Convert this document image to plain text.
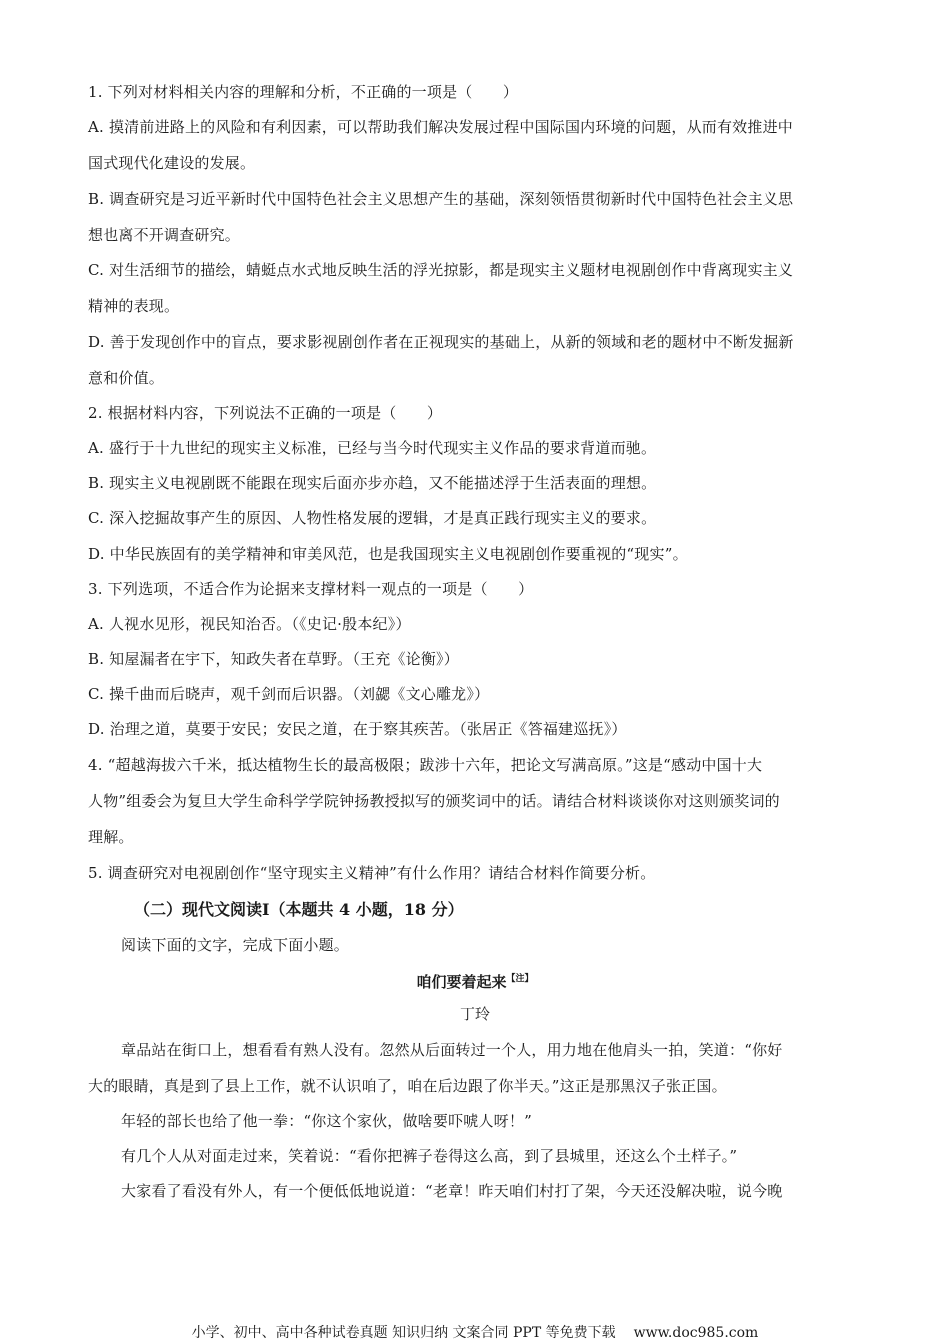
1. 下列对材料相关内容的理解和分析，不正确的一项是（　　）
A. 摸清前进路上的风险和有利因素，可以帮助我们解决发展过程中国际国内环境的问题，从而有效推进中
国式现代化建设的发展。
B. 调查研究是习近平新时代中国特色社会主义思想产生的基础，深刻领悟贯彻新时代中国特色社会主义思
想也离不开调查研究。
C. 对生活细节的描绘，蜻蜓点水式地反映生活的浮光掠影，都是现实主义题材电视剧创作中背离现实主义
精神的表现。
D. 善于发现创作中的盲点，要求影视剧创作者在正视现实的基础上，从新的领域和老的题材中不断发掘新
意和价值。
2. 根据材料内容，下列说法不正确的一项是（　　）
A. 盛行于十九世纪的现实主义标准，已经与当今时代现实主义作品的要求背道而驰。
B. 现实主义电视剧既不能跟在现实后面亦步亦趋，又不能描述浮于生活表面的理想。
C. 深入挖掘故事产生的原因、人物性格发展的逻辑，才是真正践行现实主义的要求。
D. 中华民族固有的美学精神和审美风范，也是我国现实主义电视剧创作要重视的“现实”。
3. 下列选项，不适合作为论据来支撑材料一观点的一项是（　　）
A. 人视水见形，视民知治否。（《史记·殷本纪》）
B. 知屋漏者在宇下，知政失者在草野。（王充《论衡》）
C. 操千曲而后晓声，观千剑而后识器。（刘勰《文心雕龙》）
D. 治理之道，莫要于安民；安民之道，在于察其疾苦。（张居正《答福建巡抚》）
4. “超越海拔六千米，抵达植物生长的最高极限；跋涉十六年，把论文写满高原。”这是“感动中国十大
人物”组委会为复旦大学生命科学学院钟扬教授拟写的颁奖词中的话。请结合材料谈谈你对这则颁奖词的
理解。
5. 调查研究对电视剧创作“坚守现实主义精神”有什么作用？请结合材料作简要分析。
（二）现代文阅读Ⅰ（本题共 4 小题，18 分）
阅读下面的文字，完成下面小题。
咱们要着起来$^{【注】}$
丁玲
章品站在街口上，想看看有熟人没有。忽然从后面转过一个人，用力地在他肩头一拍，笑道：“你好
大的眼睛，真是到了县上工作，就不认识咱了，咱在后边跟了你半天。”这正是那黑汉子张正国。
年轻的部长也给了他一拳：“你这个家伙，做啥要吓唬人呀！”
有几个人从对面走过来，笑着说：“看你把裤子卷得这么高，到了县城里，还这么个土样子。”
大家看了看没有外人，有一个便低低地说道：“老章！昨天咱们村打了架，今天还没解决啦，说今晚
小学、初中、高中各种试卷真题 知识归纳 文案合同 PPT 等免费下载 www.doc985.com
